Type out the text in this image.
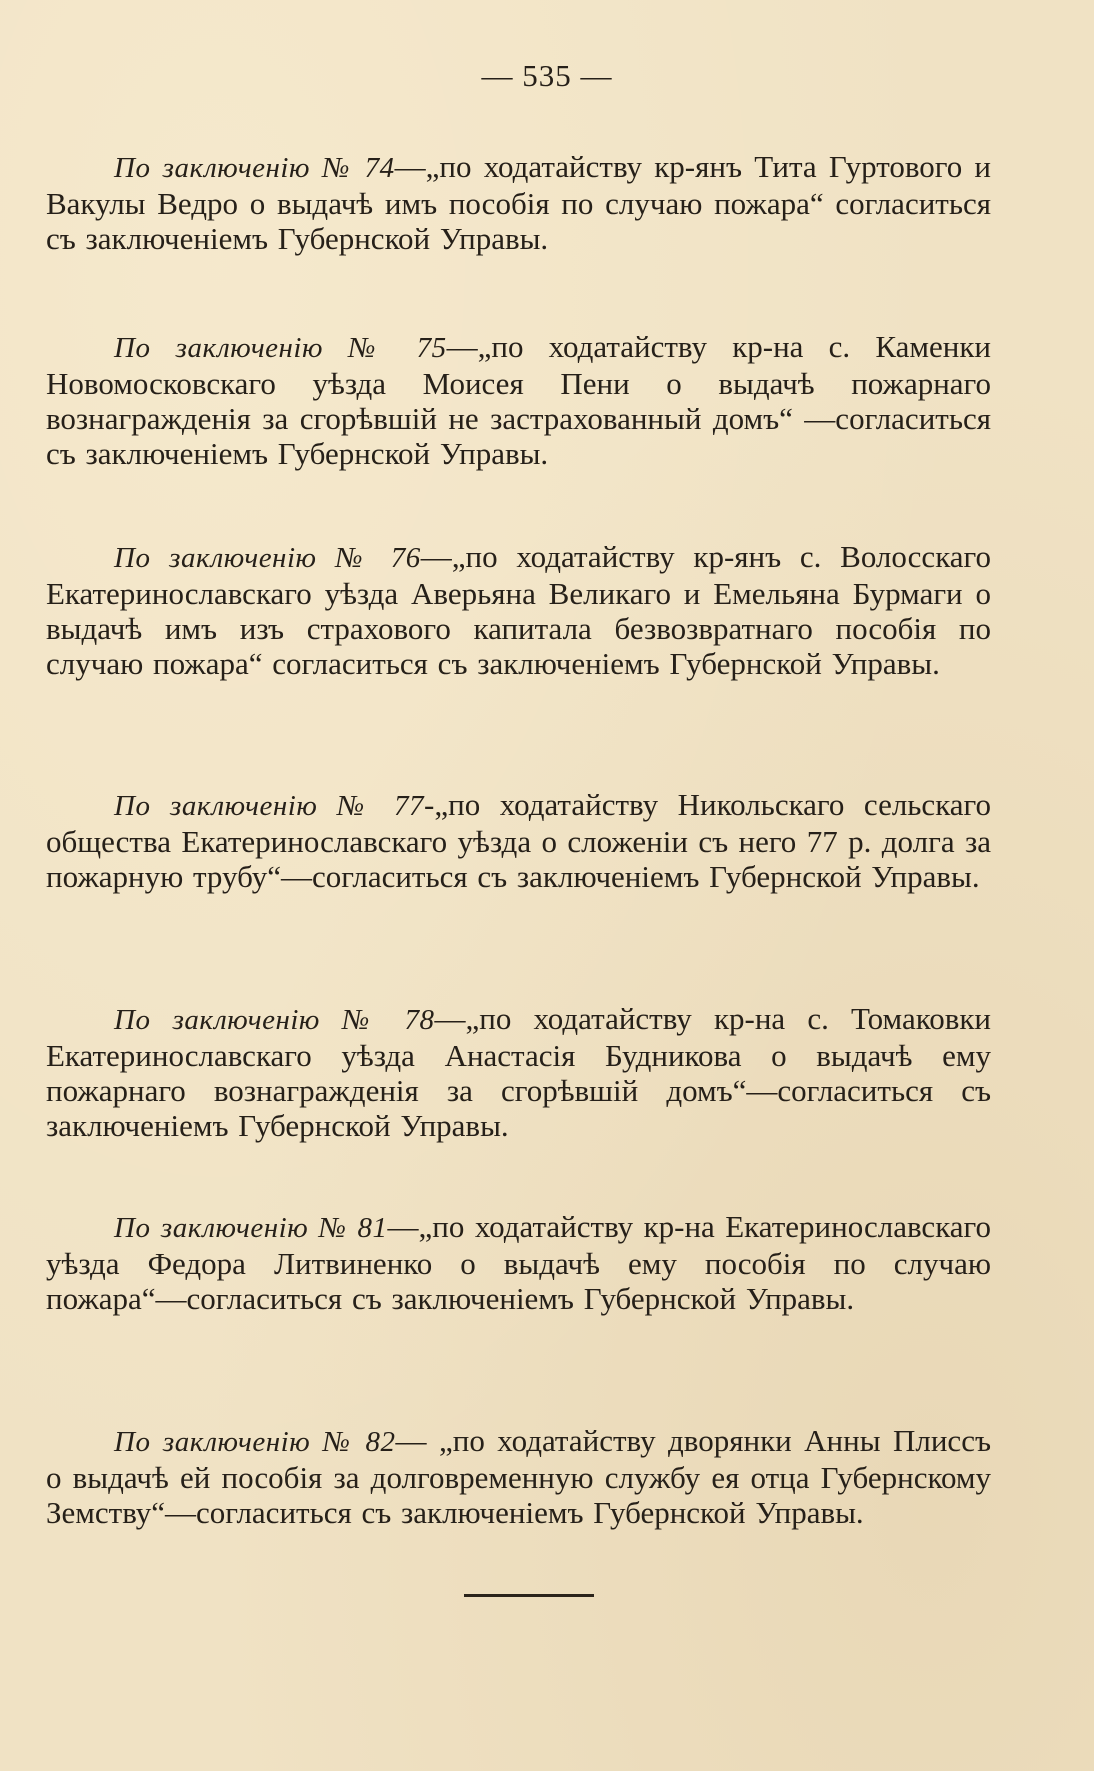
— 535 —

По заключенію № 74—„по ходатайству кр-янъ Тита Гуртового и Вакулы Ведро о выдачѣ имъ пособія по случаю пожара“ согласиться съ заключеніемъ Губернской Управы.

По заключенію № 75—„по ходатайству кр-на с. Каменки Новомосковскаго уѣзда Моисея Пени о выдачѣ пожарнаго вознагражденія за сгорѣвшій не застрахованный домъ“ —согласиться съ заключеніемъ Губернской Управы.

По заключенію № 76—„по ходатайству кр-янъ с. Волосскаго Екатеринославскаго уѣзда Аверьяна Великаго и Емельяна Бурмаги о выдачѣ имъ изъ страхового капитала безвозвратнаго пособія по случаю пожара“ согласиться съ заключеніемъ Губернской Управы.

По заключенію № 77-„по ходатайству Никольскаго сельскаго общества Екатеринославскаго уѣзда о сложеніи съ него 77 р. долга за пожарную трубу“—согласиться съ заключеніемъ Губернской Управы.

По заключенію № 78—„по ходатайству кр-на с. Томаковки Екатеринославскаго уѣзда Анастасія Будникова о выдачѣ ему пожарнаго вознагражденія за сгорѣвшій домъ“—согласиться съ заключеніемъ Губернской Управы.

По заключенію № 81—„по ходатайству кр-на Екатеринославскаго уѣзда Федора Литвиненко о выдачѣ ему пособія по случаю пожара“—согласиться съ заключеніемъ Губернской Управы.

По заключенію № 82— „по ходатайству дворянки Анны Плиссъ о выдачѣ ей пособія за долговременную службу ея отца Губернскому Земству“—согласиться съ заключеніемъ Губернской Управы.
